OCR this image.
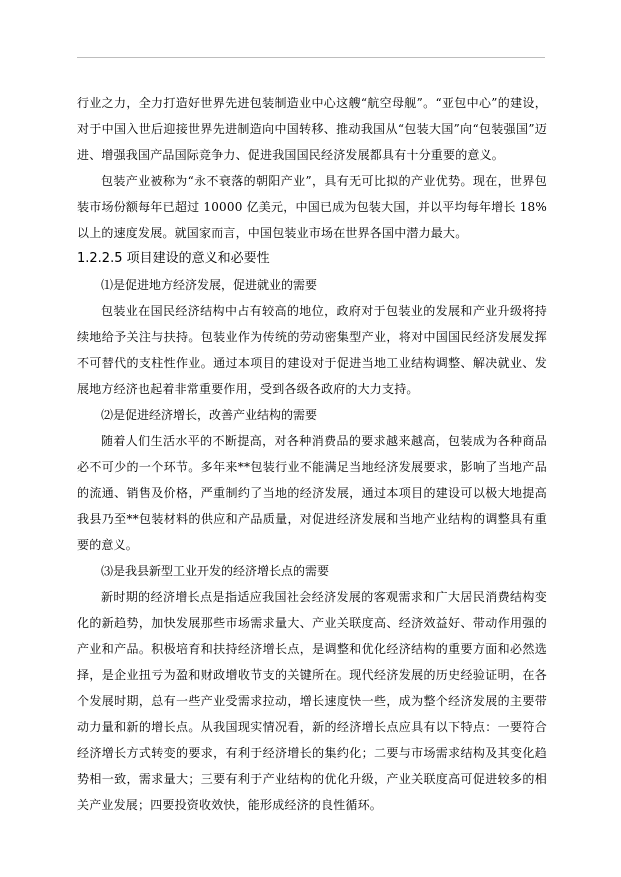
行业之力，全力打造好世界先进包装制造业中心这艘“航空母舰”。“亚包中心”的建设，对于中国入世后迎接世界先进制造向中国转移、推动我国从“包装大国”向“包装强国”迈进、增强我国产品国际竞争力、促进我国国民经济发展都具有十分重要的意义。

包装产业被称为“永不衰落的朝阳产业”，具有无可比拟的产业优势。现在，世界包装市场份额每年已超过 10000 亿美元，中国已成为包装大国，并以平均每年增长 18%以上的速度发展。就国家而言，中国包装业市场在世界各国中潜力最大。

1.2.2.5 项目建设的意义和必要性

⑴是促进地方经济发展，促进就业的需要

包装业在国民经济结构中占有较高的地位，政府对于包装业的发展和产业升级将持续地给予关注与扶持。包装业作为传统的劳动密集型产业，将对中国国民经济发展发挥不可替代的支柱性作业。通过本项目的建设对于促进当地工业结构调整、解决就业、发展地方经济也起着非常重要作用，受到各级各政府的大力支持。

⑵是促进经济增长，改善产业结构的需要

随着人们生活水平的不断提高，对各种消费品的要求越来越高，包装成为各种商品必不可少的一个环节。多年来**包装行业不能满足当地经济发展要求，影响了当地产品的流通、销售及价格，严重制约了当地的经济发展，通过本项目的建设可以极大地提高我县乃至**包装材料的供应和产品质量，对促进经济发展和当地产业结构的调整具有重要的意义。

⑶是我县新型工业开发的经济增长点的需要

新时期的经济增长点是指适应我国社会经济发展的客观需求和广大居民消费结构变化的新趋势，加快发展那些市场需求量大、产业关联度高、经济效益好、带动作用强的产业和产品。积极培育和扶持经济增长点，是调整和优化经济结构的重要方面和必然选择，是企业扭亏为盈和财政增收节支的关键所在。现代经济发展的历史经验证明，在各个发展时期，总有一些产业受需求拉动，增长速度快一些，成为整个经济发展的主要带动力量和新的增长点。从我国现实情况看，新的经济增长点应具有以下特点：一要符合经济增长方式转变的要求，有利于经济增长的集约化；二要与市场需求结构及其变化趋势相一致，需求量大；三要有利于产业结构的优化升级，产业关联度高可促进较多的相关产业发展；四要投资收效快，能形成经济的良性循环。
